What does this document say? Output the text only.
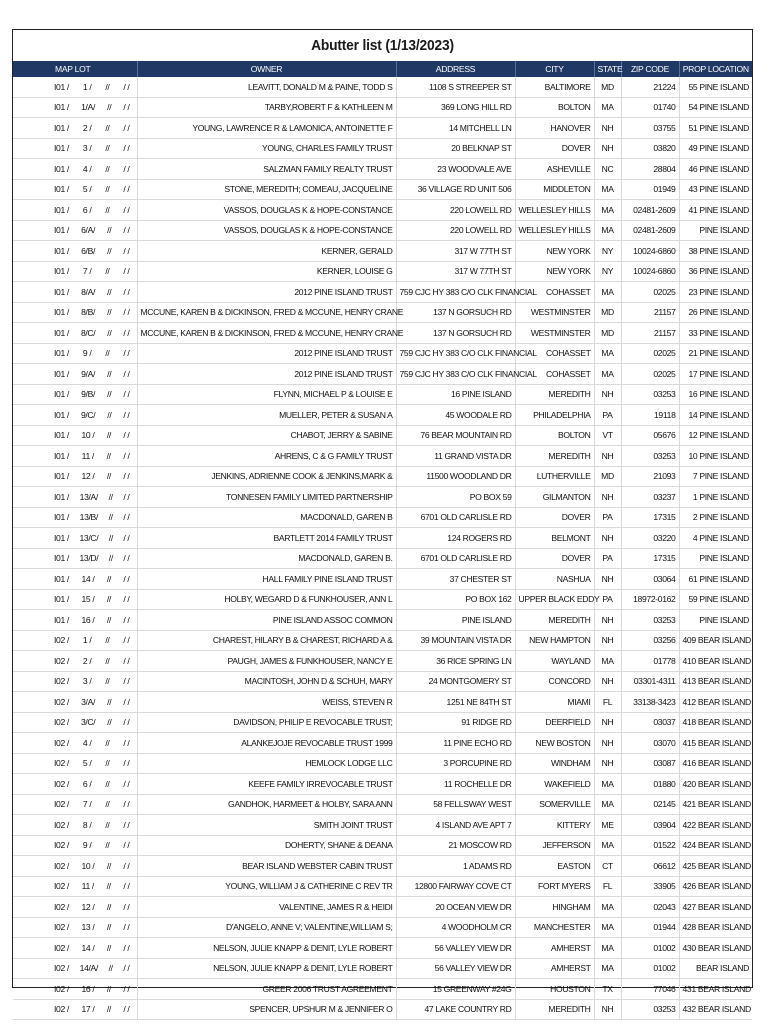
Abutter list (1/13/2023)
MAP LOT	OWNER	ADDRESS	CITY	STATE	ZIP CODE	PROP LOCATION

I01 / 1 / // / /	LEAVITT, DONALD M & PAINE, TODD S	1108 S STREEPER ST	BALTIMORE	MD	21224	55 PINE ISLAND

I01 / 1/A/ // / /	TARBY,ROBERT F & KATHLEEN M	369 LONG HILL RD	BOLTON	MA	01740	54 PINE ISLAND

I01 / 2 / // / /	YOUNG, LAWRENCE R & LAMONICA, ANTOINETTE F	14 MITCHELL LN	HANOVER	NH	03755	51 PINE ISLAND

I01 / 3 / // / /	YOUNG, CHARLES FAMILY TRUST	20 BELKNAP ST	DOVER	NH	03820	49 PINE ISLAND

I01 / 4 / // / /	SALZMAN FAMILY REALTY TRUST	23 WOODVALE AVE	ASHEVILLE	NC	28804	46 PINE ISLAND

I01 / 5 / // / /	STONE, MEREDITH; COMEAU, JACQUELINE	36 VILLAGE RD UNIT 506	MIDDLETON	MA	01949	43 PINE ISLAND

I01 / 6 / // / /	VASSOS, DOUGLAS K & HOPE-CONSTANCE	220 LOWELL RD	WELLESLEY HILLS	MA	02481-2609	41 PINE ISLAND

I01 / 6/A/ // / /	VASSOS, DOUGLAS K & HOPE-CONSTANCE	220 LOWELL RD	WELLESLEY HILLS	MA	02481-2609	PINE ISLAND

I01 / 6/B/ // / /	KERNER, GERALD	317 W 77TH ST	NEW YORK	NY	10024-6860	38 PINE ISLAND

I01 / 7 / // / /	KERNER, LOUISE G	317 W 77TH ST	NEW YORK	NY	10024-6860	36 PINE ISLAND

I01 / 8/A/ // / /	2012 PINE ISLAND TRUST	759 CJC HY 383 C/O CLK FINANCIAL	COHASSET	MA	02025	23 PINE ISLAND

I01 / 8/B/ // / /	MCCUNE, KAREN B & DICKINSON, FRED & MCCUNE, HENRY CRANE	137 N GORSUCH RD	WESTMINSTER	MD	21157	26 PINE ISLAND

I01 / 8/C/ // / /	MCCUNE, KAREN B & DICKINSON, FRED & MCCUNE, HENRY CRANE	137 N GORSUCH RD	WESTMINSTER	MD	21157	33 PINE ISLAND

I01 / 9 / // / /	2012 PINE ISLAND TRUST	759 CJC HY 383 C/O CLK FINANCIAL	COHASSET	MA	02025	21 PINE ISLAND

I01 / 9/A/ // / /	2012 PINE ISLAND TRUST	759 CJC HY 383 C/O CLK FINANCIAL	COHASSET	MA	02025	17 PINE ISLAND

I01 / 9/B/ // / /	FLYNN, MICHAEL P & LOUISE E	16 PINE ISLAND	MEREDITH	NH	03253	16 PINE ISLAND

I01 / 9/C/ // / /	MUELLER, PETER & SUSAN A	45 WOODALE RD	PHILADELPHIA	PA	19118	14 PINE ISLAND

I01 / 10 / // / /	CHABOT, JERRY & SABINE	76 BEAR MOUNTAIN RD	BOLTON	VT	05676	12 PINE ISLAND

I01 / 11 / // / /	AHRENS, C & G FAMILY TRUST	11 GRAND VISTA DR	MEREDITH	NH	03253	10 PINE ISLAND

I01 / 12 / // / /	JENKINS, ADRIENNE COOK & JENKINS,MARK &	11500 WOODLAND DR	LUTHERVILLE	MD	21093	7 PINE ISLAND

I01 / 13/A/ // / /	TONNESEN FAMILY LIMITED PARTNERSHIP	PO BOX 59	GILMANTON	NH	03237	1 PINE ISLAND

I01 / 13/B/ // / /	MACDONALD, GAREN B	6701 OLD CARLISLE RD	DOVER	PA	17315	2 PINE ISLAND

I01 / 13/C/ // / /	BARTLETT 2014 FAMILY TRUST	124 ROGERS RD	BELMONT	NH	03220	4 PINE ISLAND

I01 / 13/D/ // / /	MACDONALD, GAREN B.	6701 OLD CARLISLE RD	DOVER	PA	17315	PINE ISLAND

I01 / 14 / // / /	HALL FAMILY PINE ISLAND TRUST	37 CHESTER ST	NASHUA	NH	03064	61 PINE ISLAND

I01 / 15 / // / /	HOLBY, WEGARD D & FUNKHOUSER, ANN L	PO BOX 162	UPPER BLACK EDDY	PA	18972-0162	59 PINE ISLAND

I01 / 16 / // / /	PINE ISLAND ASSOC COMMON	PINE ISLAND	MEREDITH	NH	03253	PINE ISLAND

I02 / 1 / // / /	CHAREST, HILARY B & CHAREST, RICHARD A &	39 MOUNTAIN VISTA DR	NEW HAMPTON	NH	03256	409 BEAR ISLAND

I02 / 2 / // / /	PAUGH, JAMES & FUNKHOUSER, NANCY E	36 RICE SPRING LN	WAYLAND	MA	01778	410 BEAR ISLAND

I02 / 3 / // / /	MACINTOSH, JOHN D & SCHUH, MARY	24 MONTGOMERY ST	CONCORD	NH	03301-4311	413 BEAR ISLAND

I02 / 3/A/ // / /	WEISS, STEVEN R	1251 NE 84TH ST	MIAMI	FL	33138-3423	412 BEAR ISLAND

I02 / 3/C/ // / /	DAVIDSON, PHILIP E REVOCABLE TRUST;	91 RIDGE RD	DEERFIELD	NH	03037	418 BEAR ISLAND

I02 / 4 / // / /	ALANKEJOJE REVOCABLE TRUST 1999	11 PINE ECHO RD	NEW BOSTON	NH	03070	415 BEAR ISLAND

I02 / 5 / // / /	HEMLOCK LODGE LLC	3 PORCUPINE RD	WINDHAM	NH	03087	416 BEAR ISLAND

I02 / 6 / // / /	KEEFE FAMILY IRREVOCABLE TRUST	11 ROCHELLE DR	WAKEFIELD	MA	01880	420 BEAR ISLAND

I02 / 7 / // / /	GANDHOK, HARMEET & HOLBY, SARA ANN	58 FELLSWAY WEST	SOMERVILLE	MA	02145	421 BEAR ISLAND

I02 / 8 / // / /	SMITH JOINT TRUST	4 ISLAND AVE APT 7	KITTERY	ME	03904	422 BEAR ISLAND

I02 / 9 / // / /	DOHERTY, SHANE & DEANA	21 MOSCOW RD	JEFFERSON	MA	01522	424 BEAR ISLAND

I02 / 10 / // / /	BEAR ISLAND WEBSTER CABIN TRUST	1 ADAMS RD	EASTON	CT	06612	425 BEAR ISLAND

I02 / 11 / // / /	YOUNG, WILLIAM J & CATHERINE C REV TR	12800 FAIRWAY COVE CT	FORT MYERS	FL	33905	426 BEAR ISLAND

I02 / 12 / // / /	VALENTINE, JAMES R & HEIDI	20 OCEAN VIEW DR	HINGHAM	MA	02043	427 BEAR ISLAND

I02 / 13 / // / /	D'ANGELO, ANNE V; VALENTINE,WILLIAM S;	4 WOODHOLM CR	MANCHESTER	MA	01944	428 BEAR ISLAND

I02 / 14 / // / /	NELSON, JULIE KNAPP & DENIT, LYLE ROBERT	56 VALLEY VIEW DR	AMHERST	MA	01002	430 BEAR ISLAND

I02 / 14/A/ // / /	NELSON, JULIE KNAPP & DENIT, LYLE ROBERT	56 VALLEY VIEW DR	AMHERST	MA	01002	BEAR ISLAND

I02 / 16 / // / /	GREER 2006 TRUST AGREEMENT	15 GREENWAY #24G	HOUSTON	TX	77046	431 BEAR ISLAND

I02 / 17 / // / /	SPENCER, UPSHUR M & JENNIFER O	47 LAKE COUNTRY RD	MEREDITH	NH	03253	432 BEAR ISLAND
